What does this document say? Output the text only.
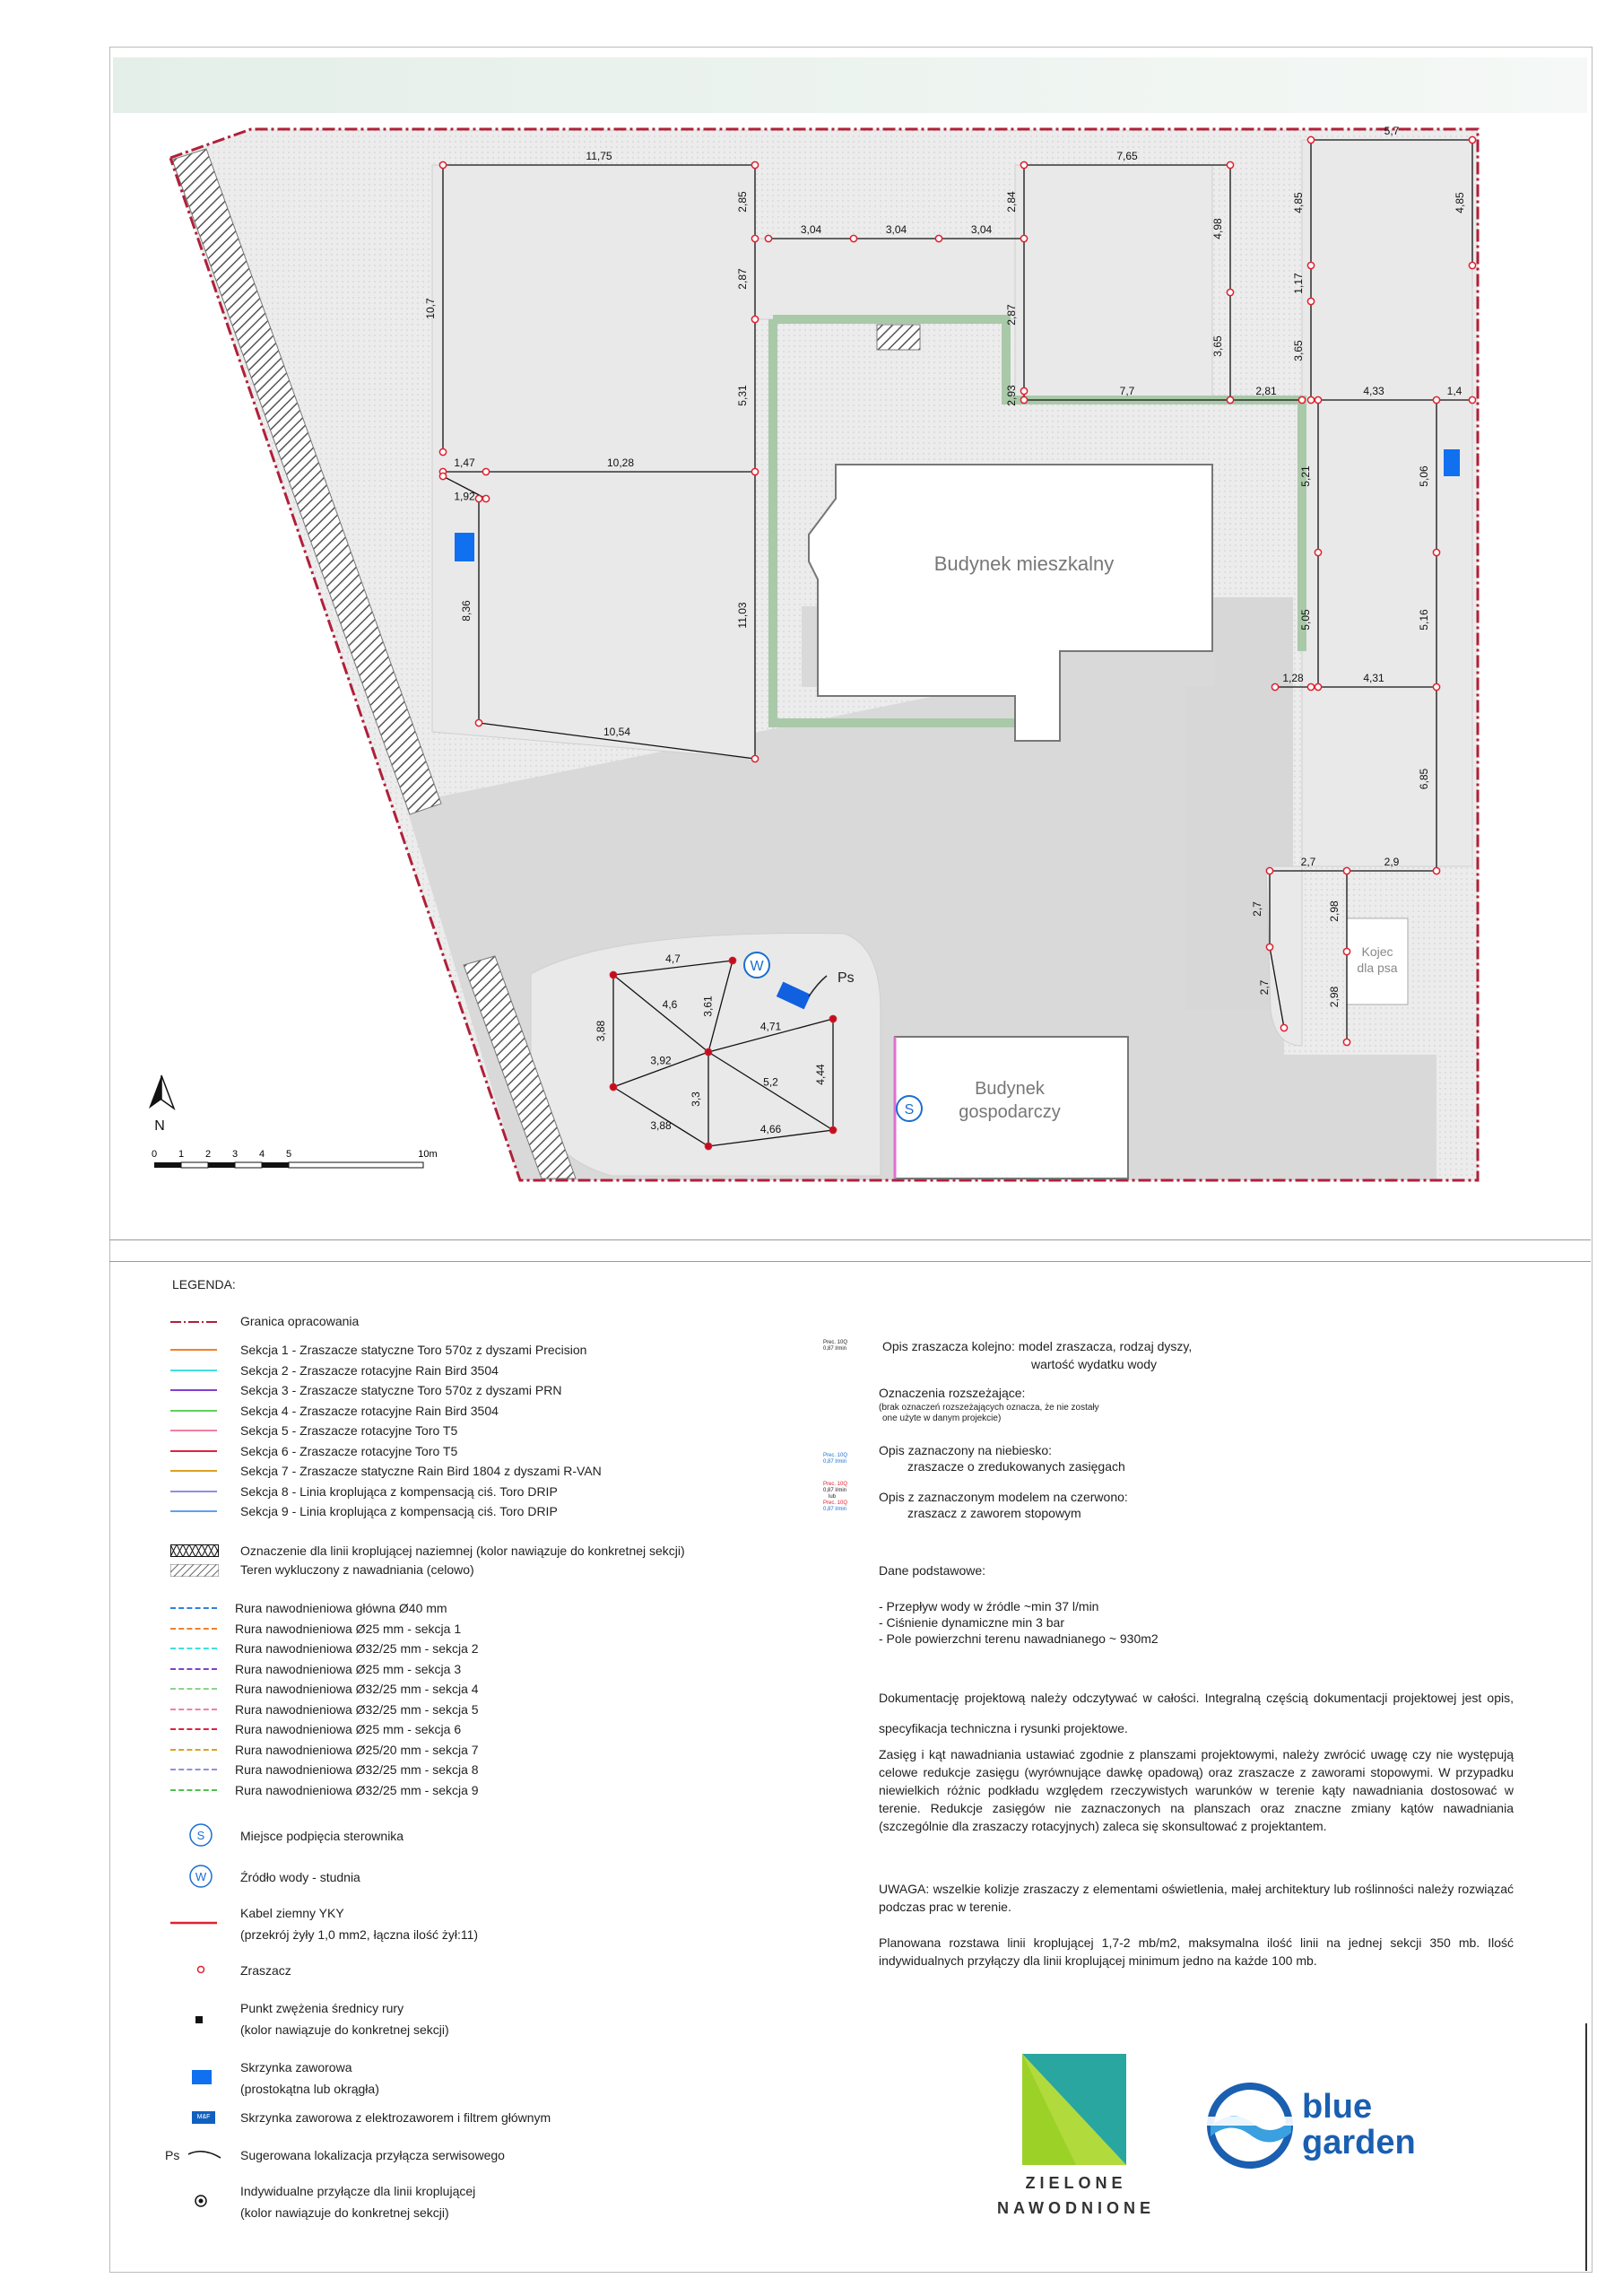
Budynek mieszkalny
Budynek
gospodarczy
Kojec
dla psa
11,75
2,85
10,7
5,31
2,87
3,04	3,04	3,04
2,84
7,65
4,98
2,87
5,7
4,85	4,85
1,17
2,93
3,65	3,65
7,7	2,81	4,33	1,4
1,47
1,92
10,28
8,36	11,03
10,54
5,21
5,05
5,06
5,16
1,28	4,31
6,85
2,7	2,9
2,7	2,98
2,7	2,98
4,7
4,6 3,61
3,88
3,92
4,71
3,3
5,2	4,44
3,88	4,66
W
S
Ps
N
0 1 2 3 4 5	10m
LEGENDA:
Granica opracowania
Sekcja 1 - Zraszacze statyczne Toro 570z z dyszami Precision
Sekcja 2 - Zraszacze rotacyjne Rain Bird 3504
Sekcja 3 - Zraszacze statyczne Toro 570z z dyszami PRN
Sekcja 4 - Zraszacze rotacyjne Rain Bird 3504
Sekcja 5 - Zraszacze rotacyjne Toro T5
Sekcja 6 - Zraszacze rotacyjne Toro T5
Sekcja 7 - Zraszacze statyczne Rain Bird 1804 z dyszami R-VAN
Sekcja 8 - Linia kroplująca z kompensacją ciś. Toro DRIP
Sekcja 9 - Linia kroplująca z kompensacją ciś. Toro DRIP
Oznaczenie dla linii kroplującej naziemnej (kolor nawiązuje do konkretnej sekcji)
Teren wykluczony z nawadniania (celowo)
Rura nawodnieniowa główna Ø40 mm
Rura nawodnieniowa Ø25 mm - sekcja 1
Rura nawodnieniowa Ø32/25 mm - sekcja 2
Rura nawodnieniowa Ø25 mm - sekcja 3
Rura nawodnieniowa Ø32/25 mm - sekcja 4
Rura nawodnieniowa Ø32/25 mm - sekcja 5
Rura nawodnieniowa Ø25 mm - sekcja 6
Rura nawodnieniowa Ø25/20 mm - sekcja 7
Rura nawodnieniowa Ø32/25 mm - sekcja 8
Rura nawodnieniowa Ø32/25 mm - sekcja 9
S	Miejsce podpięcia sterownika
W	Źródło wody - studnia
Kabel ziemny YKY
(przekrój żyły 1,0 mm2, łączna ilość żył:11)
Zraszacz
Punkt zwężenia średnicy rury
(kolor nawiązuje do konkretnej sekcji)
Skrzynka zaworowa
(prostokątna lub okrągła)
M&F	Skrzynka zaworowa z elektrozaworem i filtrem głównym
Ps	Sugerowana lokalizacja przyłącza serwisowego
Indywidualne przyłącze dla linii kroplującej
(kolor nawiązuje do konkretnej sekcji)
Prec. 10Q
0,87 l/min	Opis zraszacza kolejno: model zraszacza, rodzaj dyszy,
wartość wydatku wody
Oznaczenia rozszeżające:
(brak oznaczeń rozszeżających oznacza, że nie zostały
one użyte w danym projekcie)
Prec. 10Q
0,87 l/min
Opis zaznaczony na niebiesko:
zraszacze o zredukowanych zasięgach
Prec. 10Q
0,87 l/min
lub
Prec. 10Q
0,87 l/min
Opis z zaznaczonym modelem na czerwono:
zraszacz z zaworem stopowym
Dane podstawowe:
- Przepływ wody w źródle ~min 37 l/min
- Ciśnienie dynamiczne min 3 bar
- Pole powierzchni terenu nawadnianego ~ 930m2

Dokumentację projektową należy odczytywać w całości. Integralną częścią dokumentacji projektowej jest opis, specyfikacja techniczna i rysunki projektowe.

Zasięg i kąt nawadniania ustawiać zgodnie z planszami projektowymi, należy zwrócić uwagę czy nie występują celowe redukcje zasięgu (wyrównujące dawkę opadową) oraz zraszacze z zaworami stopowymi. W przypadku niewielkich różnic podkładu względem rzeczywistych warunków w terenie kąty nawadniania dostosować w terenie. Redukcje zasięgów nie zaznaczonych na planszach oraz znaczne zmiany kątów nawadniania (szczególnie dla zraszaczy rotacyjnych) zaleca się skonsultować z projektantem.

UWAGA: wszelkie kolizje zraszaczy z elementami oświetlenia, małej architektury lub roślinności należy rozwiązać podczas prac w terenie.

Planowana rozstawa linii kroplującej 1,7-2 mb/m2, maksymalna ilość linii na jednej sekcji 350 mb. Ilość indywidualnych przyłączy dla linii kroplującej minimum jedno na każde 100 mb.

ZIELONE
NAWODNIONE
blue
garden
